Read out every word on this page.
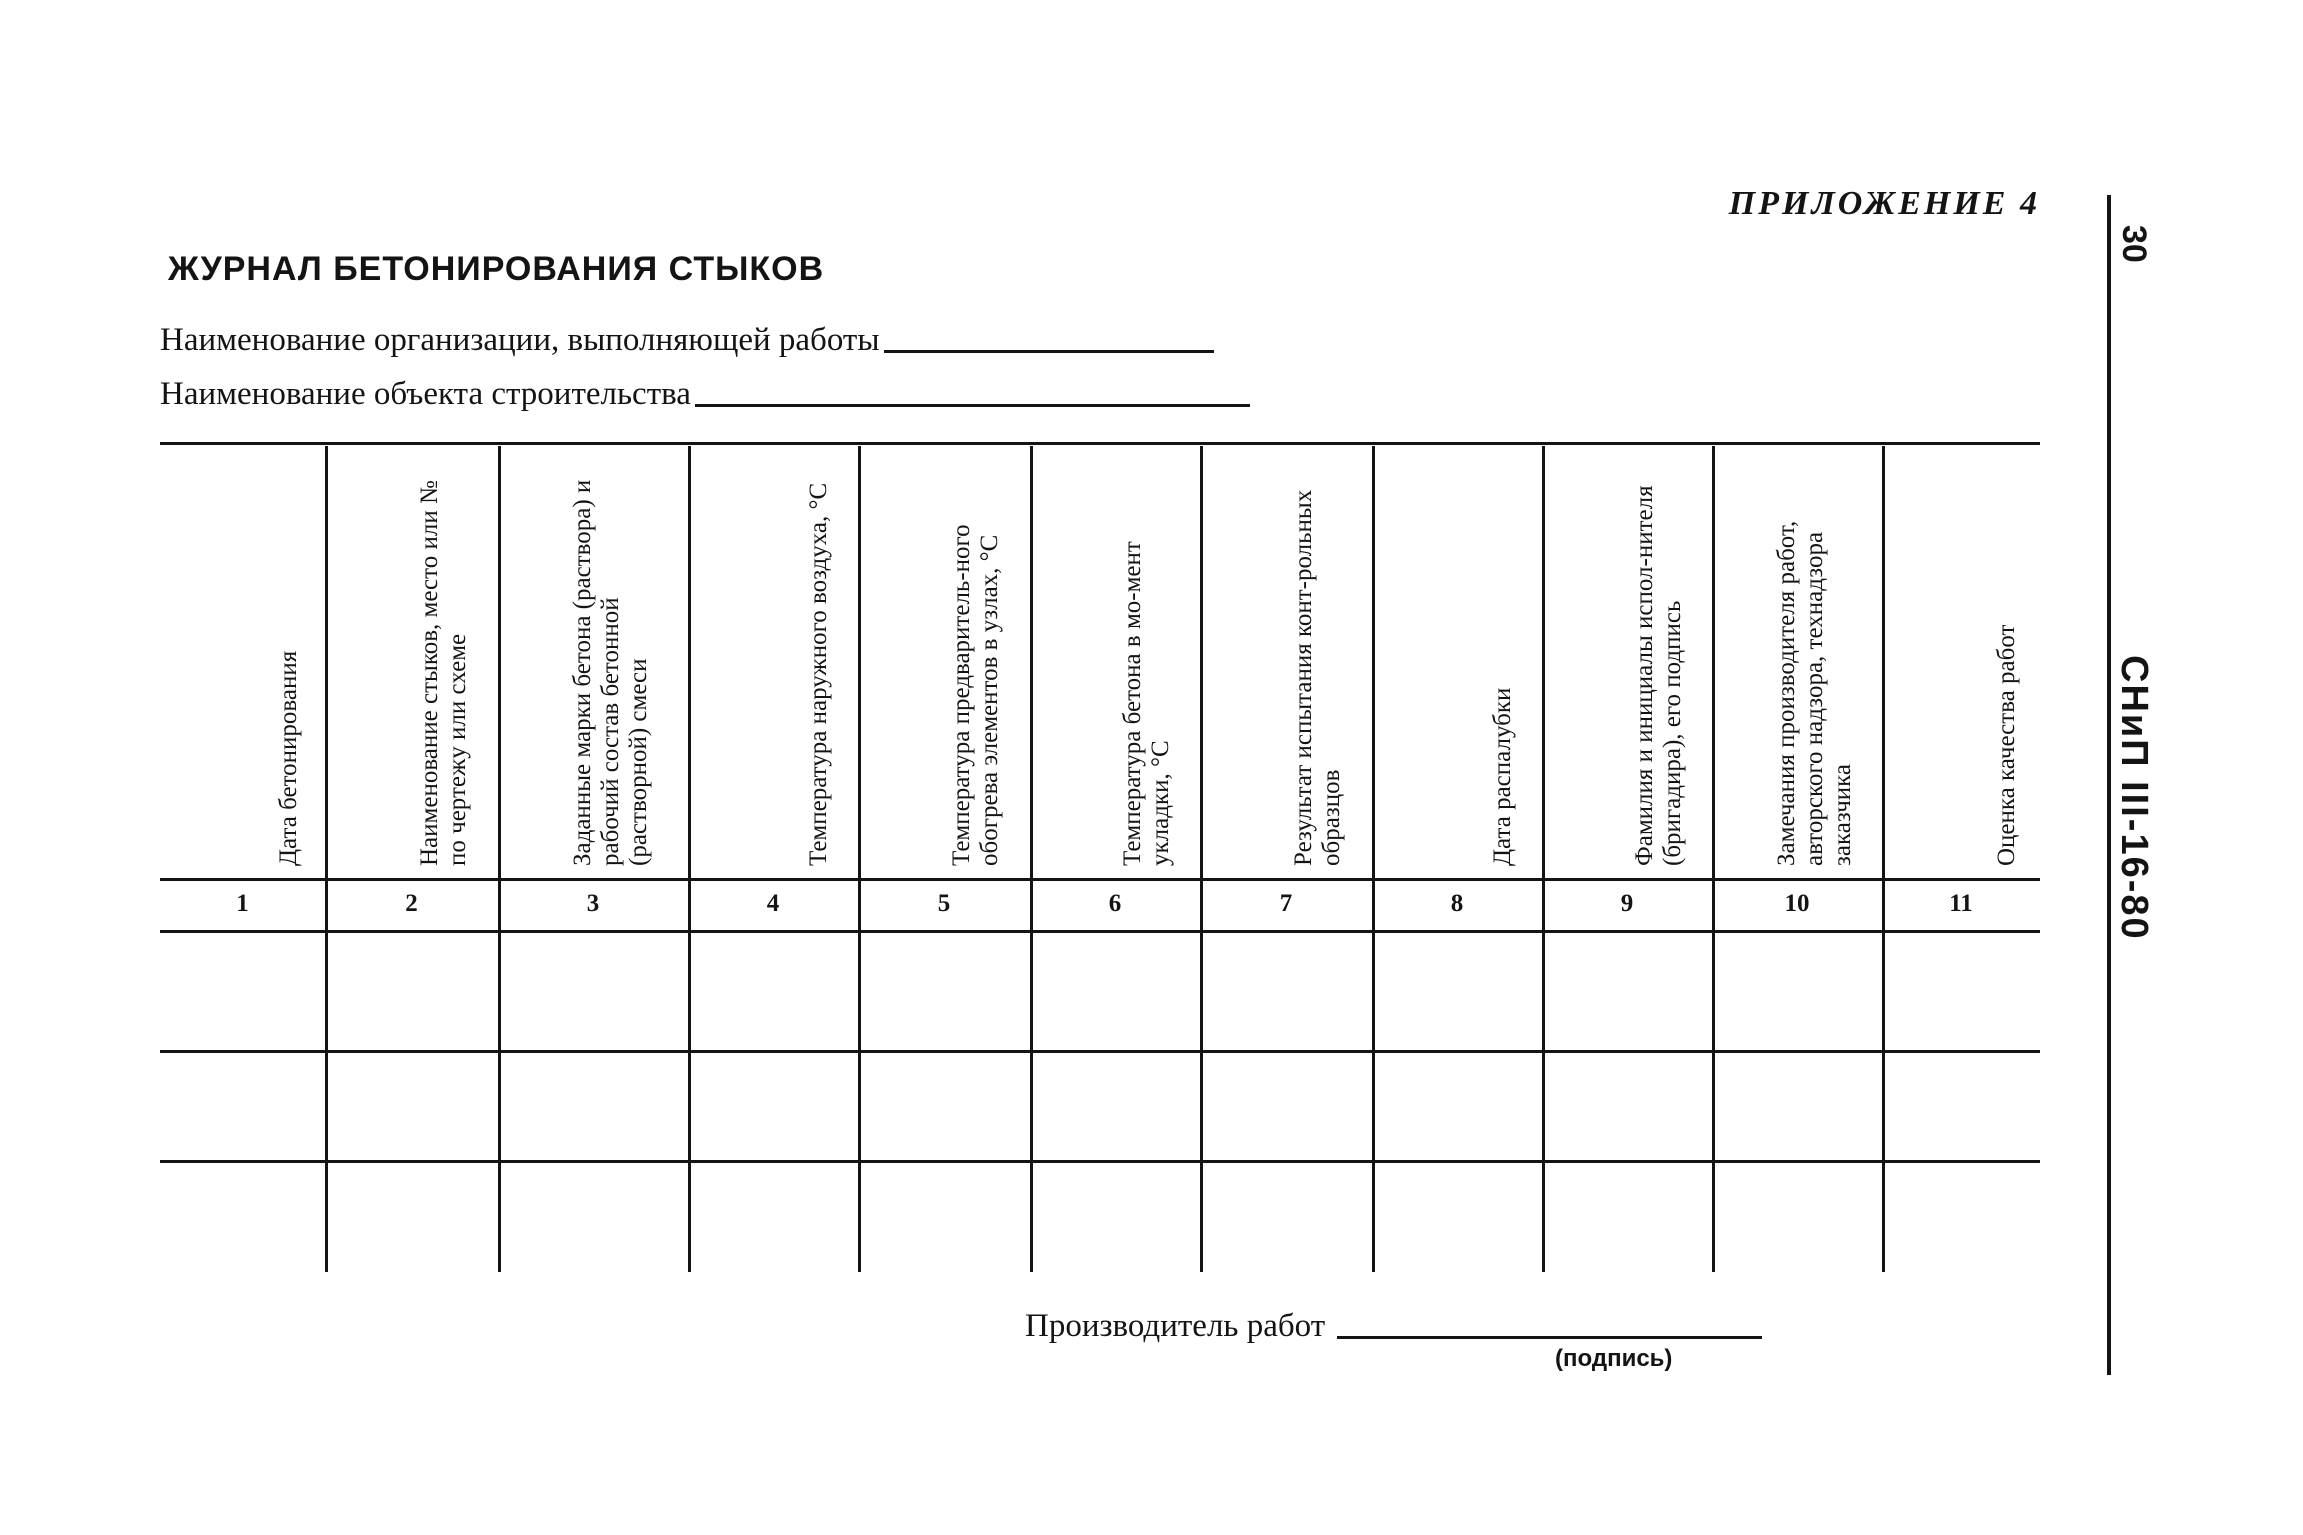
ПРИЛОЖЕНИЕ 4
ЖУРНАЛ БЕТОНИРОВАНИЯ СТЫКОВ
Наименование организации, выполняющей работы
Наименование объекта строительства
30
СНиП III-16-80
Дата бетонирования
1
Наименование стыков, место или № по чертежу или схеме
2
Заданные марки бетона (раствора) и рабочий состав бетонной (растворной) смеси
3
Температура наружного воздуха, °С
4
Температура предваритель-ного обогрева элементов в узлах, °С
5
Температура бетона в мо-мент укладки, °С
6
Результат испытания конт-рольных образцов
7
Дата распалубки
8
Фамилия и инициалы испол-нителя (бригадира), его подпись
9
Замечания производителя работ, авторского надзора, технадзора заказчика
10
Оценка качества работ
11
Производитель работ
(подпись)
